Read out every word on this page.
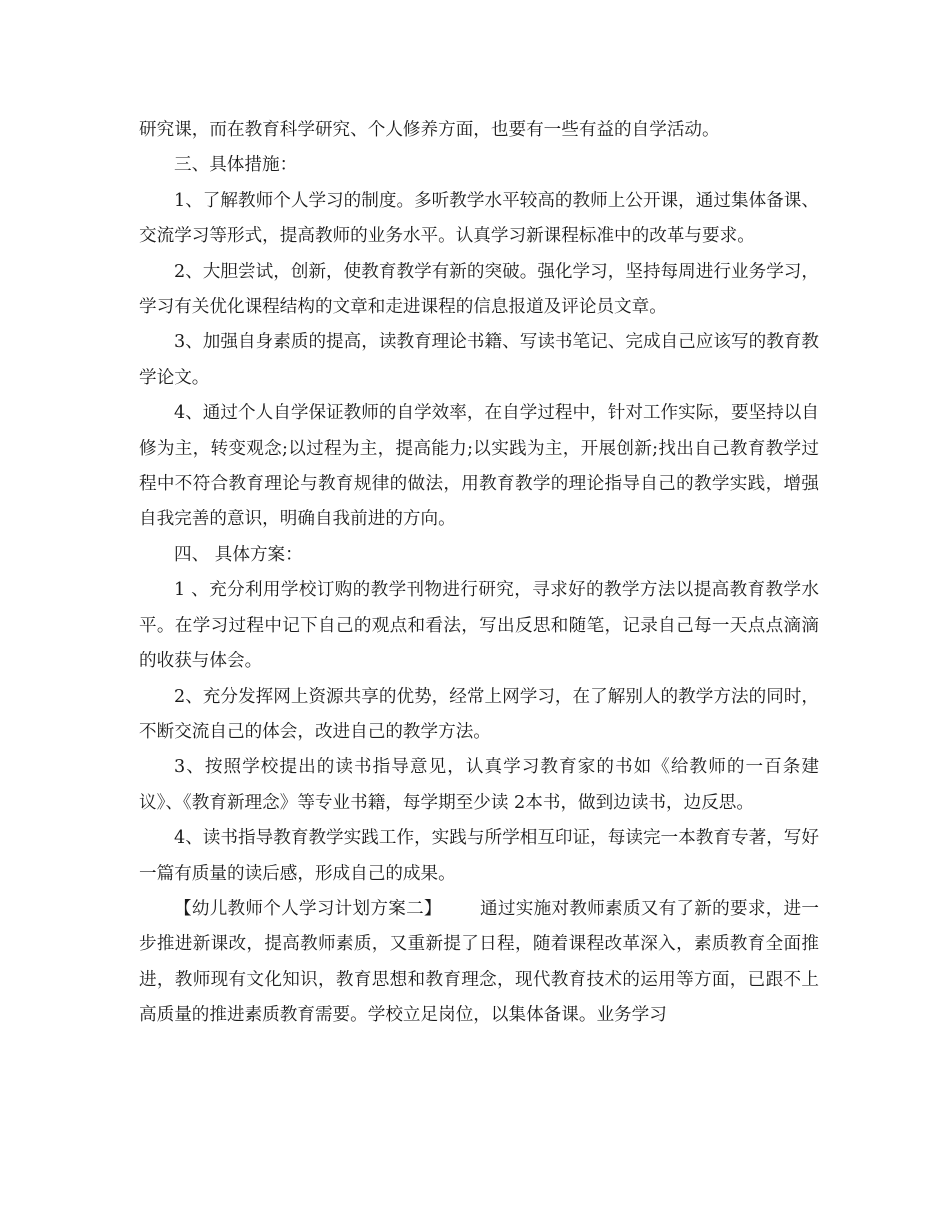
研究课，而在教育科学研究、个人修养方面，也要有一些有益的自学活动。

三、具体措施：

1、了解教师个人学习的制度。多听教学水平较高的教师上公开课，通过集体备课、交流学习等形式，提高教师的业务水平。认真学习新课程标准中的改革与要求。

2、大胆尝试，创新，使教育教学有新的突破。强化学习，坚持每周进行业务学习，学习有关优化课程结构的文章和走进课程的信息报道及评论员文章。

3、加强自身素质的提高，读教育理论书籍、写读书笔记、完成自己应该写的教育教学论文。

4、通过个人自学保证教师的自学效率，在自学过程中，针对工作实际，要坚持以自修为主，转变观念;以过程为主，提高能力;以实践为主，开展创新;找出自己教育教学过程中不符合教育理论与教育规律的做法，用教育教学的理论指导自己的教学实践，增强自我完善的意识，明确自我前进的方向。

四、 具体方案：

1 、充分利用学校订购的教学刊物进行研究，寻求好的教学方法以提高教育教学水平。在学习过程中记下自己的观点和看法，写出反思和随笔，记录自己每一天点点滴滴的收获与体会。

2、充分发挥网上资源共享的优势，经常上网学习，在了解别人的教学方法的同时，不断交流自己的体会，改进自己的教学方法。

3、按照学校提出的读书指导意见，认真学习教育家的书如《给教师的一百条建议》、《教育新理念》等专业书籍，每学期至少读 2本书，做到边读书，边反思。

4、读书指导教育教学实践工作，实践与所学相互印证，每读完一本教育专著，写好一篇有质量的读后感，形成自己的成果。

【幼儿教师个人学习计划方案二】 通过实施对教师素质又有了新的要求，进一步推进新课改，提高教师素质，又重新提了日程，随着课程改革深入，素质教育全面推进，教师现有文化知识，教育思想和教育理念，现代教育技术的运用等方面，已跟不上高质量的推进素质教育需要。学校立足岗位，以集体备课。业务学习
